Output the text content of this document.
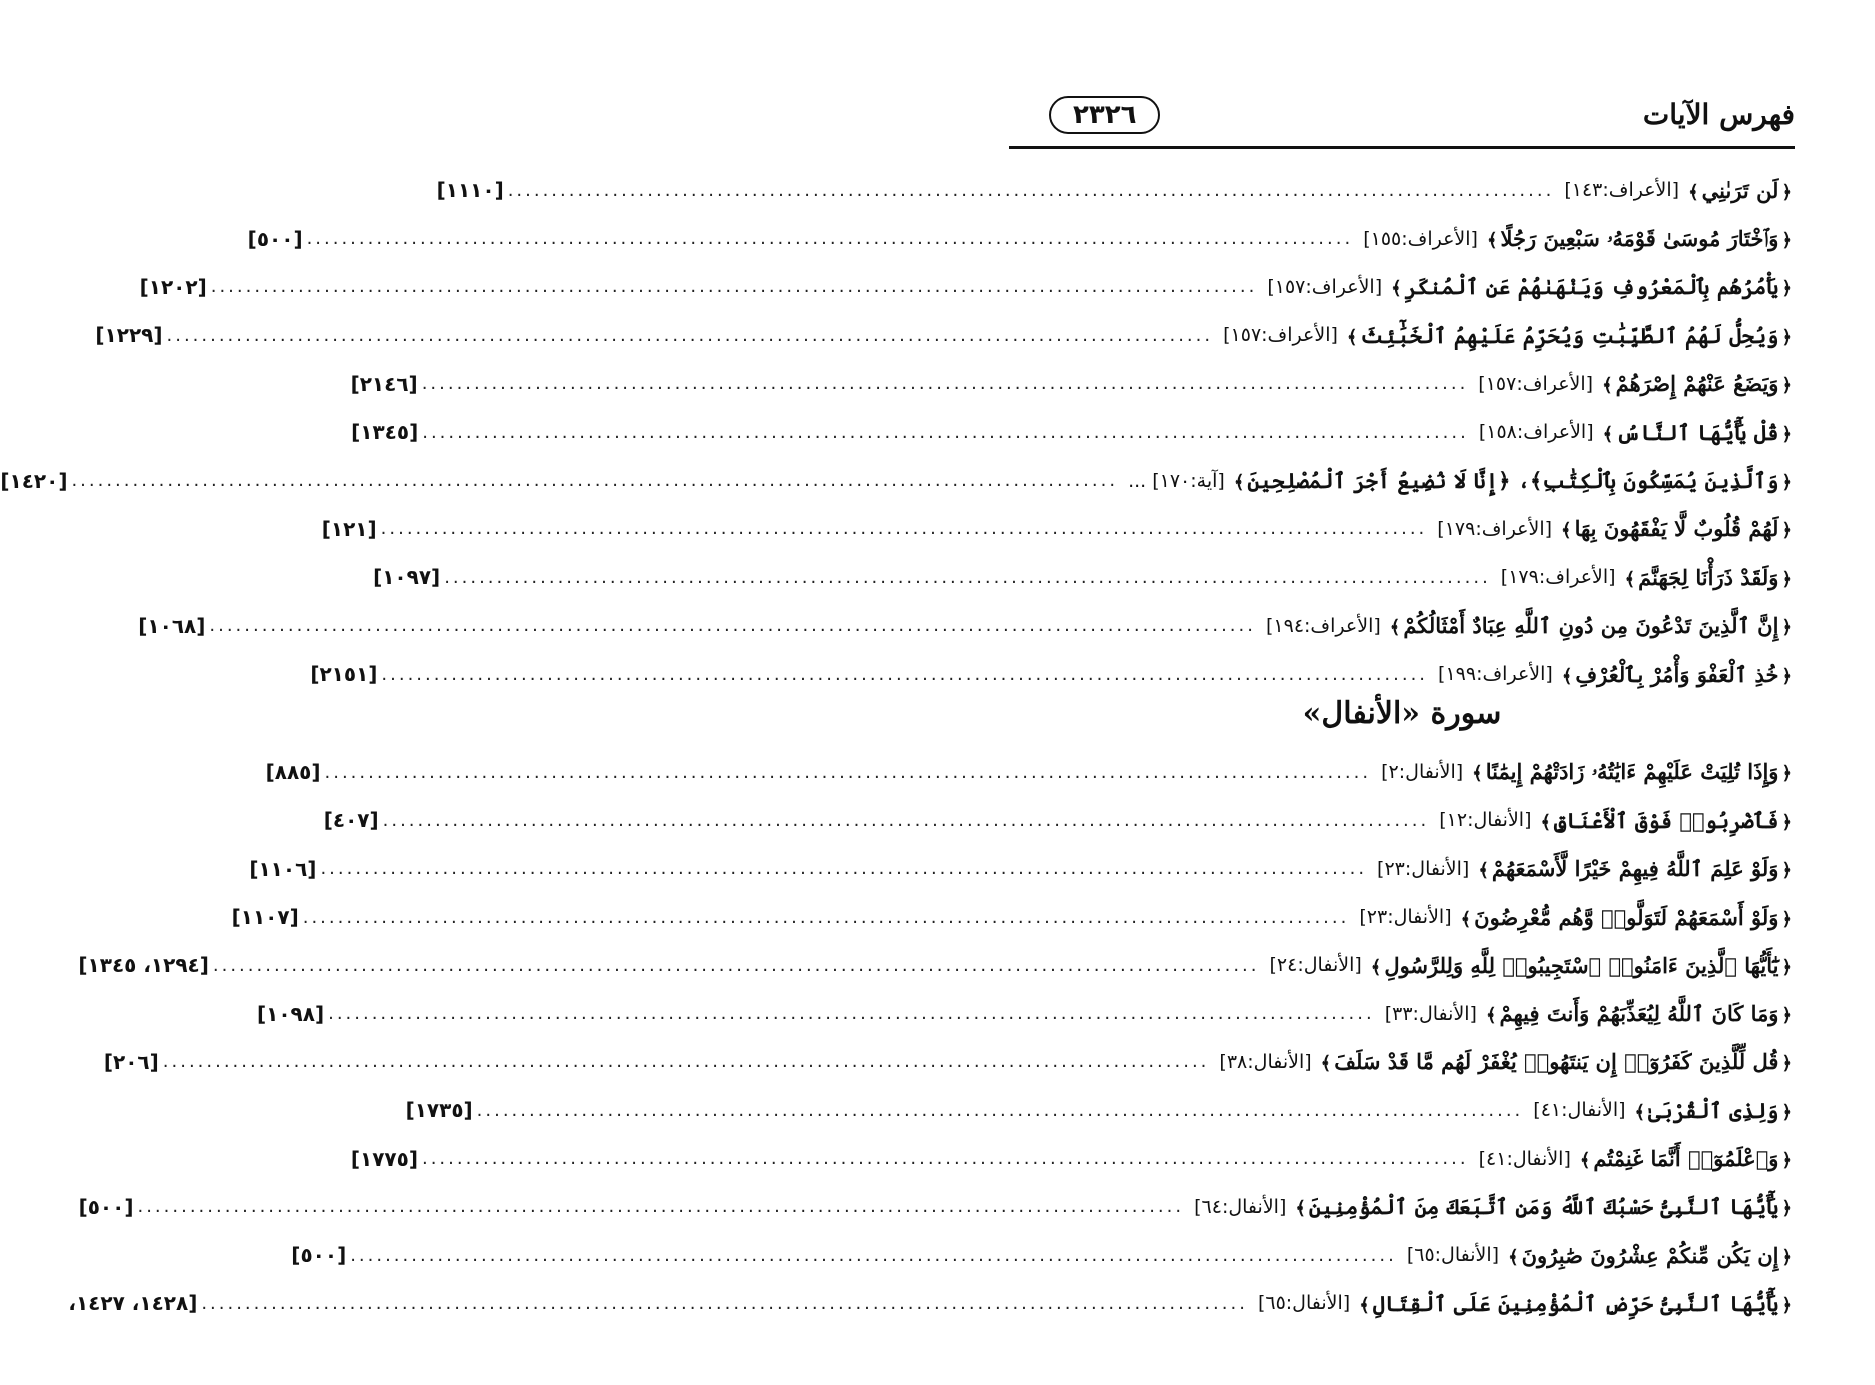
فهرس الآيات
٢٣٢٦
﴿لَن تَرَىٰنِي﴾
[الأعراف:١٤٣]
........................................................................................................................
[١١١٠]
﴿وَٱخْتَارَ مُوسَىٰ قَوْمَهُۥ سَبْعِينَ رَجُلًا﴾
[الأعراف:١٥٥]
........................................................................................................................
[٥٠٠]
﴿يَأْمُرُهُم بِٱلْمَعْرُوفِ وَيَنْهَىٰهُمْ عَنِ ٱلْمُنكَرِ﴾
[الأعراف:١٥٧]
........................................................................................................................
[١٢٠٢]
﴿وَيُحِلُّ لَهُمُ ٱلطَّيِّبَٰتِ وَيُحَرِّمُ عَلَيْهِمُ ٱلْخَبَٰٓئِثَ﴾
[الأعراف:١٥٧]
........................................................................................................................
[١٢٢٩]
﴿وَيَضَعُ عَنْهُمْ إِصْرَهُمْ﴾
[الأعراف:١٥٧]
........................................................................................................................
[٢١٤٦]
﴿قُلْ يَٰٓأَيُّهَا ٱلنَّاسُ﴾
[الأعراف:١٥٨]
........................................................................................................................
[١٣٤٥]
﴿وَٱلَّذِينَ يُمَسِّكُونَ بِٱلْكِتَٰبِ﴾، ﴿إِنَّا لَا نُضِيعُ أَجْرَ ٱلْمُصْلِحِينَ﴾
[آية:١٧٠] ...
........................................................................................................................
[١٤٢٠]
﴿لَهُمْ قُلُوبٌ لَّا يَفْقَهُونَ بِهَا﴾
[الأعراف:١٧٩]
........................................................................................................................
[١٢١]
﴿وَلَقَدْ ذَرَأْنَا لِجَهَنَّمَ﴾
[الأعراف:١٧٩]
........................................................................................................................
[١٠٩٧]
﴿إِنَّ ٱلَّذِينَ تَدْعُونَ مِن دُونِ ٱللَّهِ عِبَادٌ أَمْثَالُكُمْ﴾
[الأعراف:١٩٤]
........................................................................................................................
[١٠٦٨]
﴿خُذِ ٱلْعَفْوَ وَأْمُرْ بِٱلْعُرْفِ﴾
[الأعراف:١٩٩]
........................................................................................................................
[٢١٥١]
سورة «الأنفال»
﴿وَإِذَا تُلِيَتْ عَلَيْهِمْ ءَايَٰتُهُۥ زَادَتْهُمْ إِيمَٰنًا﴾
[الأنفال:٢]
........................................................................................................................
[٨٨٥]
﴿فَٱضْرِبُوا۟ فَوْقَ ٱلْأَعْنَاقِ﴾
[الأنفال:١٢]
........................................................................................................................
[٤٠٧]
﴿وَلَوْ عَلِمَ ٱللَّهُ فِيهِمْ خَيْرًا لَّأَسْمَعَهُمْ﴾
[الأنفال:٢٣]
........................................................................................................................
[١١٠٦]
﴿وَلَوْ أَسْمَعَهُمْ لَتَوَلَّوا۟ وَّهُم مُّعْرِضُونَ﴾
[الأنفال:٢٣]
........................................................................................................................
[١١٠٧]
﴿يَٰٓأَيُّهَا ٱلَّذِينَ ءَامَنُوا۟ ٱسْتَجِيبُوا۟ لِلَّهِ وَلِلرَّسُولِ﴾
[الأنفال:٢٤]
........................................................................................................................
[١٢٩٤، ١٣٤٥]
﴿وَمَا كَانَ ٱللَّهُ لِيُعَذِّبَهُمْ وَأَنتَ فِيهِمْ﴾
[الأنفال:٣٣]
........................................................................................................................
[١٠٩٨]
﴿قُل لِّلَّذِينَ كَفَرُوٓا۟ إِن يَنتَهُوا۟ يُغْفَرْ لَهُم مَّا قَدْ سَلَفَ﴾
[الأنفال:٣٨]
........................................................................................................................
[٢٠٦]
﴿وَلِذِى ٱلْقُرْبَىٰ﴾
[الأنفال:٤١]
........................................................................................................................
[١٧٣٥]
﴿وَٱعْلَمُوٓا۟ أَنَّمَا غَنِمْتُم﴾
[الأنفال:٤١]
........................................................................................................................
[١٧٧٥]
﴿يَٰٓأَيُّهَا ٱلنَّبِىُّ حَسْبُكَ ٱللَّهُ وَمَنِ ٱتَّبَعَكَ مِنَ ٱلْمُؤْمِنِينَ﴾
[الأنفال:٦٤]
........................................................................................................................
[٥٠٠]
﴿إِن يَكُن مِّنكُمْ عِشْرُونَ صَٰبِرُونَ﴾
[الأنفال:٦٥]
........................................................................................................................
[٥٠٠]
﴿يَٰٓأَيُّهَا ٱلنَّبِىُّ حَرِّضِ ٱلْمُؤْمِنِينَ عَلَى ٱلْقِتَالِ﴾
[الأنفال:٦٥]
........................................................................................................................
[١٤٢٨، ١٤٢٧،
